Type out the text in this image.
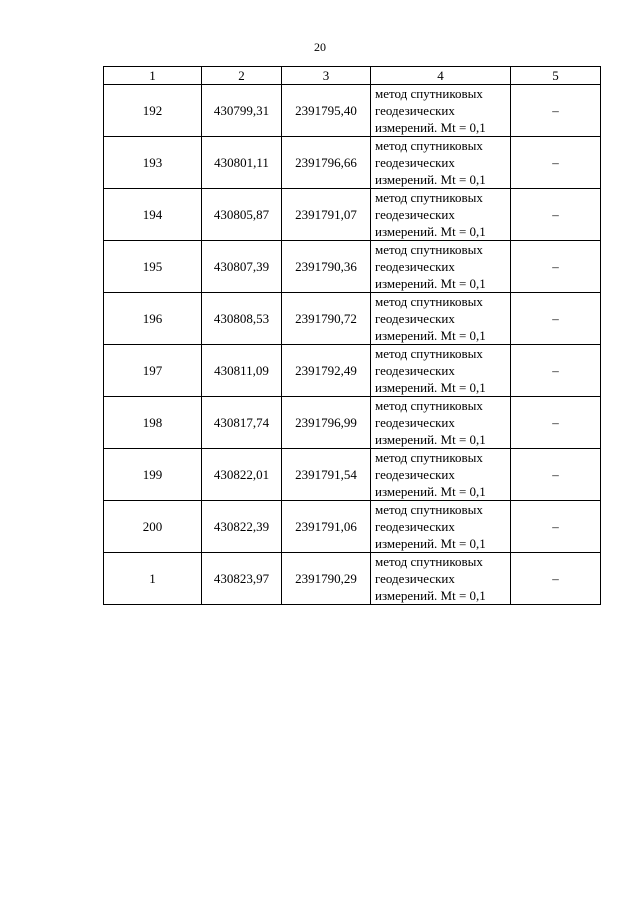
20
1	2	3	4	5
192	430799,31	2391795,40	метод спутниковых
геодезических
измерений. Mt = 0,1	–
193	430801,11	2391796,66	метод спутниковых
геодезических
измерений. Mt = 0,1	–
194	430805,87	2391791,07	метод спутниковых
геодезических
измерений. Mt = 0,1	–
195	430807,39	2391790,36	метод спутниковых
геодезических
измерений. Mt = 0,1	–
196	430808,53	2391790,72	метод спутниковых
геодезических
измерений. Mt = 0,1	–
197	430811,09	2391792,49	метод спутниковых
геодезических
измерений. Mt = 0,1	–
198	430817,74	2391796,99	метод спутниковых
геодезических
измерений. Mt = 0,1	–
199	430822,01	2391791,54	метод спутниковых
геодезических
измерений. Mt = 0,1	–
200	430822,39	2391791,06	метод спутниковых
геодезических
измерений. Mt = 0,1	–
1	430823,97	2391790,29	метод спутниковых
геодезических
измерений. Mt = 0,1	–
